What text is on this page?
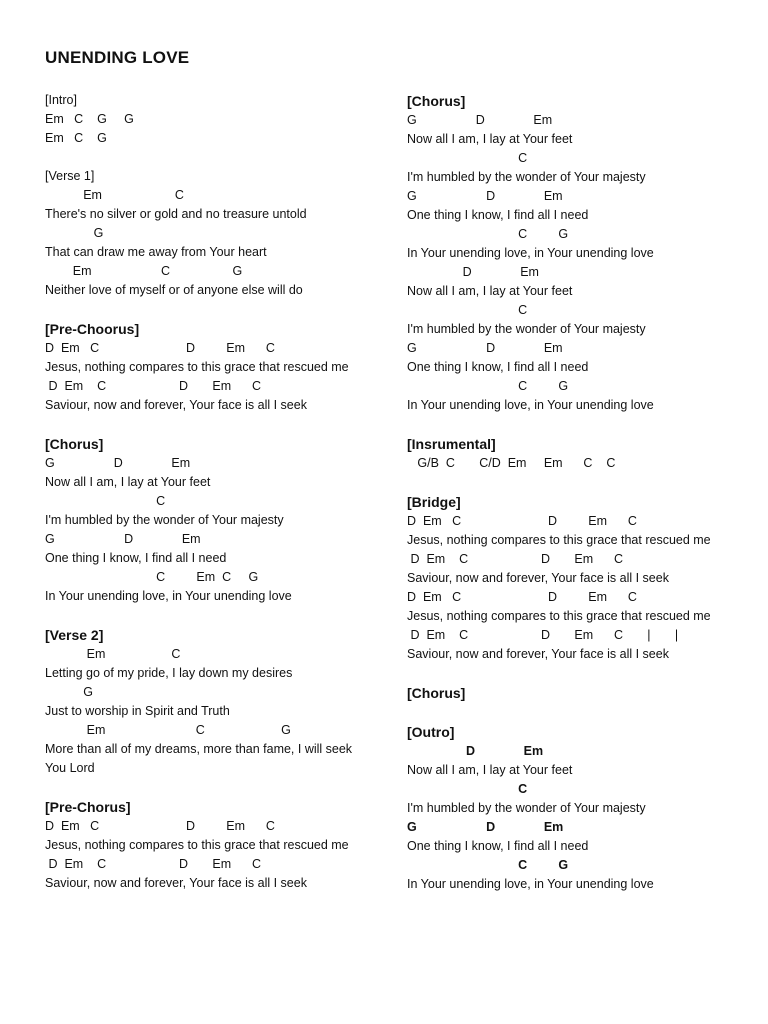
UNENDING LOVE
[Intro]
Em   C    G     G
Em   C    G
[Verse 1]
Em                     C
There's no silver or gold and no treasure untold
G
That can draw me away from Your heart
Em                    C                  G
Neither love of myself or of anyone else will do
[Pre-Choorus]
D  Em   C                         D         Em      C
Jesus, nothing compares to this grace that rescued me
D  Em    C                     D       Em      C
Saviour, now and forever, Your face is all I seek
[Chorus]
G                 D              Em
Now all I am, I lay at Your feet
C
I'm humbled by the wonder of Your majesty
G                    D              Em
One thing I know, I find all I need
C         Em  C     G
In Your unending love, in Your unending love
[Verse 2]
Em                   C
Letting go of my pride, I lay down my desires
G
Just to worship in Spirit and Truth
Em                          C                      G
More than all of my dreams, more than fame, I will seek You Lord
[Pre-Chorus]
D  Em   C                         D         Em      C
Jesus, nothing compares to this grace that rescued me
D  Em    C                     D       Em      C
Saviour, now and forever, Your face is all I seek
[Chorus]
G                 D              Em
Now all I am, I lay at Your feet
C
I'm humbled by the wonder of Your majesty
G                    D              Em
One thing I know, I find all I need
C         G
In Your unending love, in Your unending love
D              Em
Now all I am, I lay at Your feet
C
I'm humbled by the wonder of Your majesty
G                    D              Em
One thing I know, I find all I need
C         G
In Your unending love, in Your unending love
[Insrumental]
G/B  C       C/D  Em     Em      C    C
[Bridge]
D  Em   C                         D         Em      C
Jesus, nothing compares to this grace that rescued me
D  Em    C                     D       Em      C
Saviour, now and forever, Your face is all I seek
D  Em   C                         D         Em      C
Jesus, nothing compares to this grace that rescued me
D  Em    C                     D       Em      C       |       |
Saviour, now and forever, Your face is all I seek
[Chorus]
[Outro]
D              Em
Now all I am, I lay at Your feet
C
I'm humbled by the wonder of Your majesty
G                    D              Em
One thing I know, I find all I need
C         G
In Your unending love, in Your unending love
